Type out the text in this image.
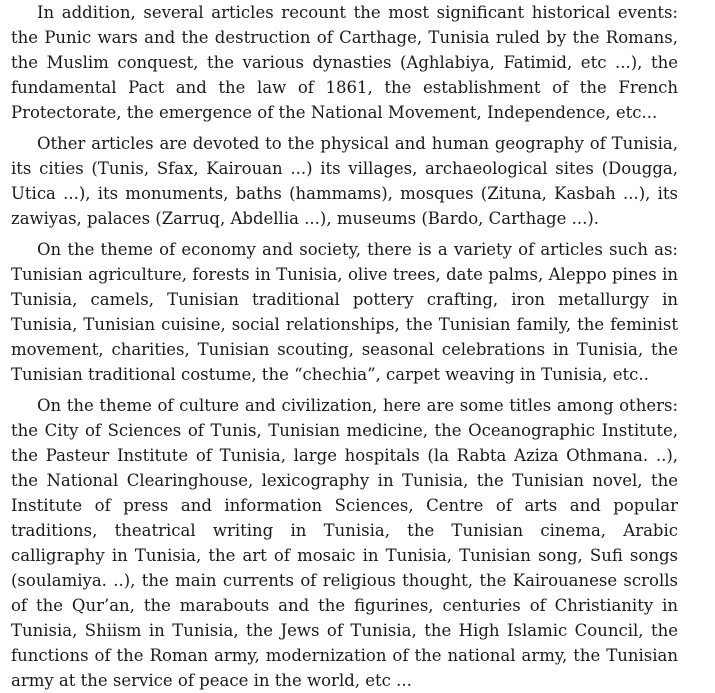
In addition, several articles recount the most significant historical events: the Punic wars and the destruction of Carthage, Tunisia ruled by the Romans, the Muslim conquest, the various dynasties (Aghlabiya, Fatimid, etc ...), the fundamental Pact and the law of 1861, the establishment of the French Protectorate, the emergence of the National Movement, Independence, etc...

Other articles are devoted to the physical and human geography of Tunisia, its cities (Tunis, Sfax, Kairouan ...) its villages, archaeological sites (Dougga, Utica ...), its monuments, baths (hammams), mosques (Zituna, Kasbah ...), its zawiyas, palaces (Zarruq, Abdellia ...), museums (Bardo, Carthage ...).

On the theme of economy and society, there is a variety of articles such as: Tunisian agriculture, forests in Tunisia, olive trees, date palms, Aleppo pines in Tunisia, camels, Tunisian traditional pottery crafting, iron metallurgy in Tunisia, Tunisian cuisine, social relationships, the Tunisian family, the feminist movement, charities, Tunisian scouting, seasonal celebrations in Tunisia, the Tunisian traditional costume, the “chechia”, carpet weaving in Tunisia, etc..

On the theme of culture and civilization, here are some titles among others: the City of Sciences of Tunis, Tunisian medicine, the Oceanographic Institute, the Pasteur Institute of Tunisia, large hospitals (la Rabta Aziza Othmana. ..), the National Clearinghouse, lexicography in Tunisia, the Tunisian novel, the Institute of press and information Sciences, Centre of arts and popular traditions, theatrical writing in Tunisia, the Tunisian cinema, Arabic calligraphy in Tunisia, the art of mosaic in Tunisia, Tunisian song, Sufi songs (soulamiya. ..), the main currents of religious thought, the Kairouanese scrolls of the Qur’an, the marabouts and the figurines, centuries of Christianity in Tunisia, Shiism in Tunisia, the Jews of Tunisia, the High Islamic Council, the functions of the Roman army, modernization of the national army, the Tunisian army at the service of peace in the world, etc ...
